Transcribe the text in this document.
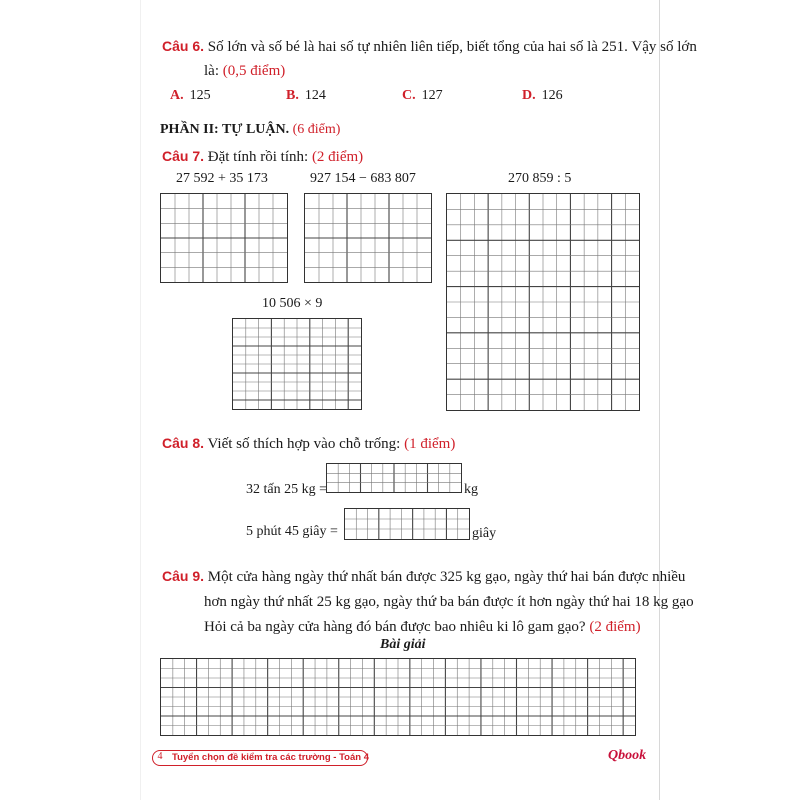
Câu 6. Số lớn và số bé là hai số tự nhiên liên tiếp, biết tổng của hai số là 251. Vậy số lớn
là: (0,5 điểm)
A. 125	B. 124	C. 127	D. 126
PHẦN II: TỰ LUẬN. (6 điểm)
Câu 7. Đặt tính rồi tính: (2 điểm)
27 592 + 35 173	927 154 − 683 807	270 859 : 5
10 506 × 9
Câu 8. Viết số thích hợp vào chỗ trống: (1 điểm)
32 tấn 25 kg =	kg
5 phút 45 giây =	giây
Câu 9. Một cửa hàng ngày thứ nhất bán được 325 kg gạo, ngày thứ hai bán được nhiều
hơn ngày thứ nhất 25 kg gạo, ngày thứ ba bán được ít hơn ngày thứ hai 18 kg gạo
Hỏi cả ba ngày cửa hàng đó bán được bao nhiêu ki lô gam gạo? (2 điểm)
Bài giải
4	Tuyển chọn đề kiểm tra các trường - Toán 4	Qbook
